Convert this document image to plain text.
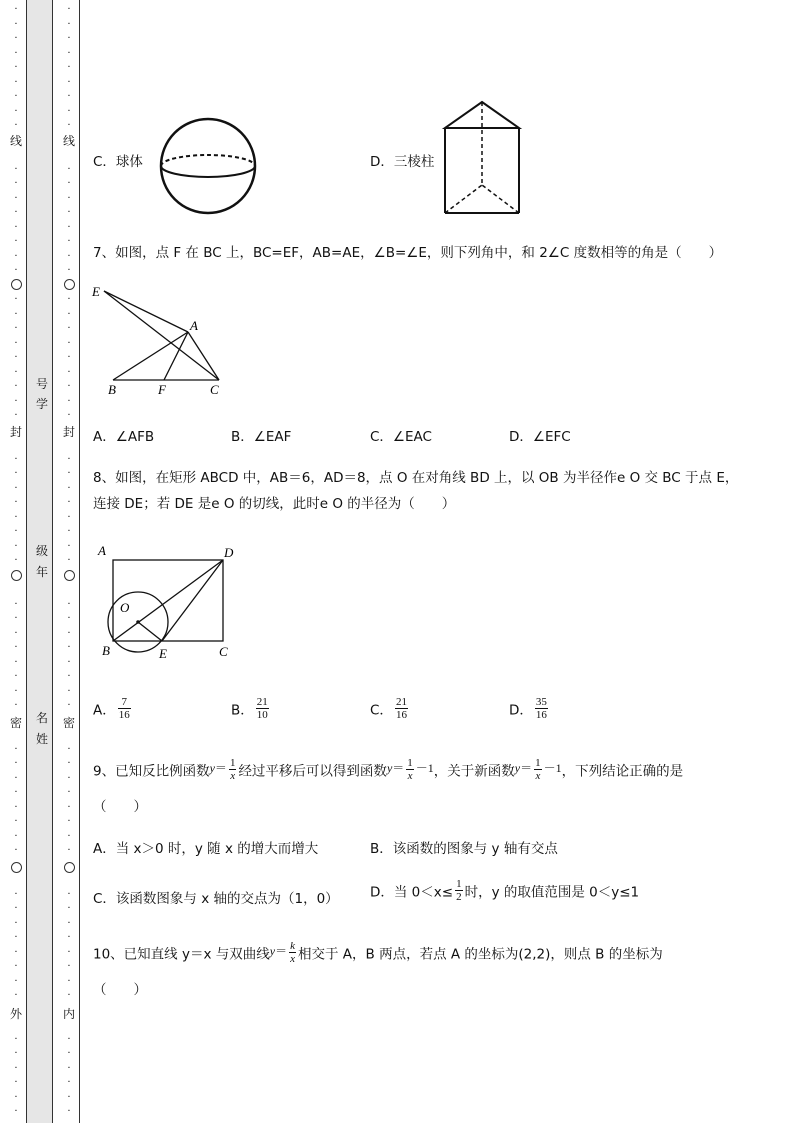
·
·
·
·
·
·
·
·
·
·
·
·
·
·
·
·
·
·
·
·
·
·
·
·
·
·
·
·
·
·
·
·
·
·
·
·
·
·
·
·
·
·
·
·
·
·
·
·
·
·
·
·
·
·
·
·
·
·
·
·
·
·
·
·
·
·
·
·
·
·
·
·
·
·
·
·
·
·
·
·
·
·
·
·
·
·
·
·
·
·
·
·
·
·
·
·
·
·
·
·
·
·
·
·
·
·
·
·
·
·
·
·
·
·
·
·
·
·
·
·
·
·
·
·
·
·
·
·
线
封
密
外
线
封
密
内
号
学
级
年
名
姓
C．球体	D．三棱柱
7、如图，点 F 在 BC 上，BC=EF，AB=AE，∠B=∠E，则下列角中，和 2∠C 度数相等的角是（　　）
E
A
B	F	C
A．∠AFB	B．∠EAF	C．∠EAC	D．∠EFC
8、如图，在矩形 ABCD 中，AB＝6，AD＝8，点 O 在对角线 BD 上，以 OB 为半径作e O 交 BC 于点 E，
连接 DE；若 DE 是e O 的切线，此时e O 的半径为（　　）
A	D
O
B	E	C
A． $\frac{7}{16}$	B． $\frac{21}{10}$	C． $\frac{21}{16}$	D． $\frac{35}{16}$
9、已知反比例函数$y= \frac{1}{x}$ 经过平移后可以得到函数$y= \frac{1}{x} -1$，关于新函数$y= \frac{1}{x} -1$，下列结论正确的是
（　　）
A．当 x＞0 时，y 随 x 的增大而增大	B．该函数的图象与 y 轴有交点
C．该函数图象与 x 轴的交点为（1，0） D．当 $0<x\le \frac{1}{2}$ 时，y 的取值范围是 0＜y≤1
10、已知直线 y＝x 与双曲线$y= \frac{k}{x}$ 相交于 A，B 两点，若点 A 的坐标为(2,2)，则点 B 的坐标为
（　　）
